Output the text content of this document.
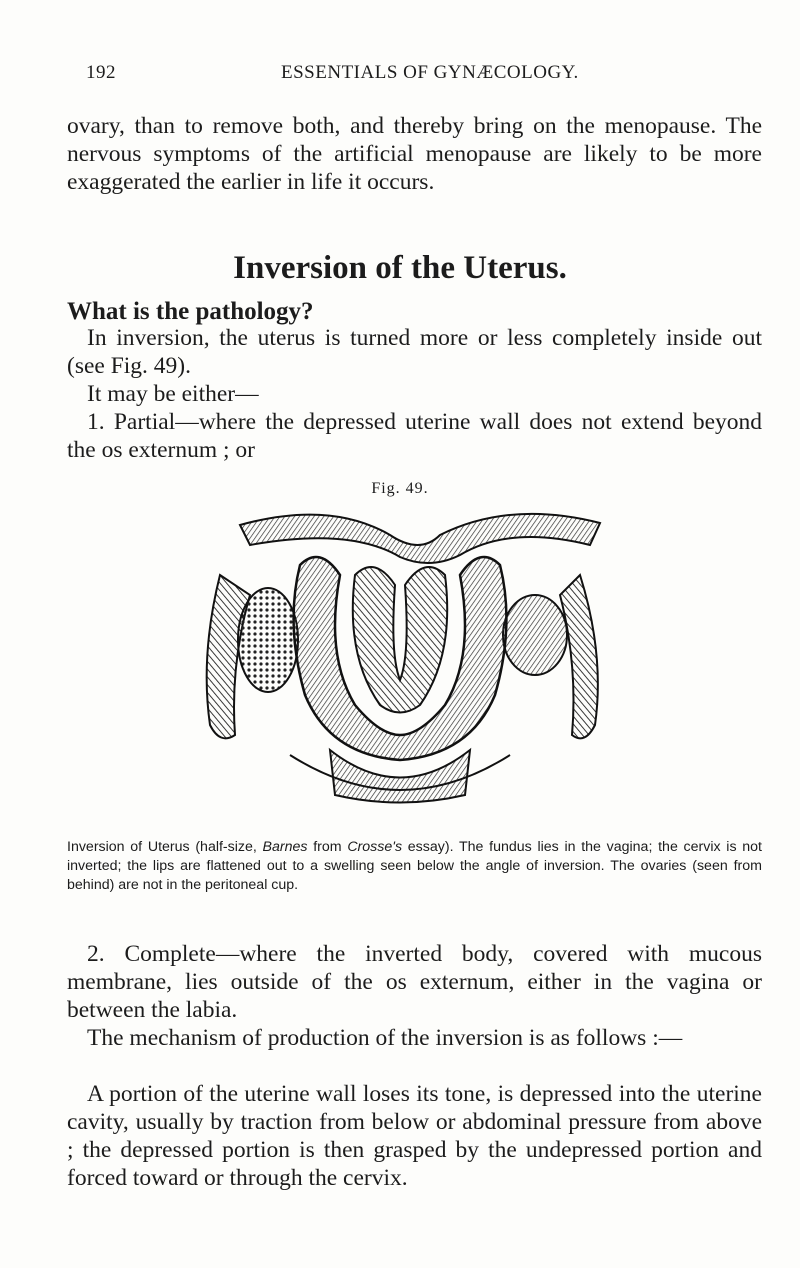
192	ESSENTIALS OF GYNÆCOLOGY.
ovary, than to remove both, and thereby bring on the menopause. The nervous symptoms of the artificial menopause are likely to be more exaggerated the earlier in life it occurs.
Inversion of the Uterus.
What is the pathology?
In inversion, the uterus is turned more or less completely inside out (see Fig. 49).
It may be either—
1. Partial—where the depressed uterine wall does not extend beyond the os externum ; or
Fig. 49.
Inversion of Uterus (half-size, Barnes from Crosse's essay). The fundus lies in the vagina; the cervix is not inverted; the lips are flattened out to a swelling seen below the angle of inversion. The ovaries (seen from behind) are not in the peritoneal cup.
2. Complete—where the inverted body, covered with mucous membrane, lies outside of the os externum, either in the vagina or between the labia.
The mechanism of production of the inversion is as follows :—
A portion of the uterine wall loses its tone, is depressed into the uterine cavity, usually by traction from below or abdominal pressure from above ; the depressed portion is then grasped by the undepressed portion and forced toward or through the cervix.
